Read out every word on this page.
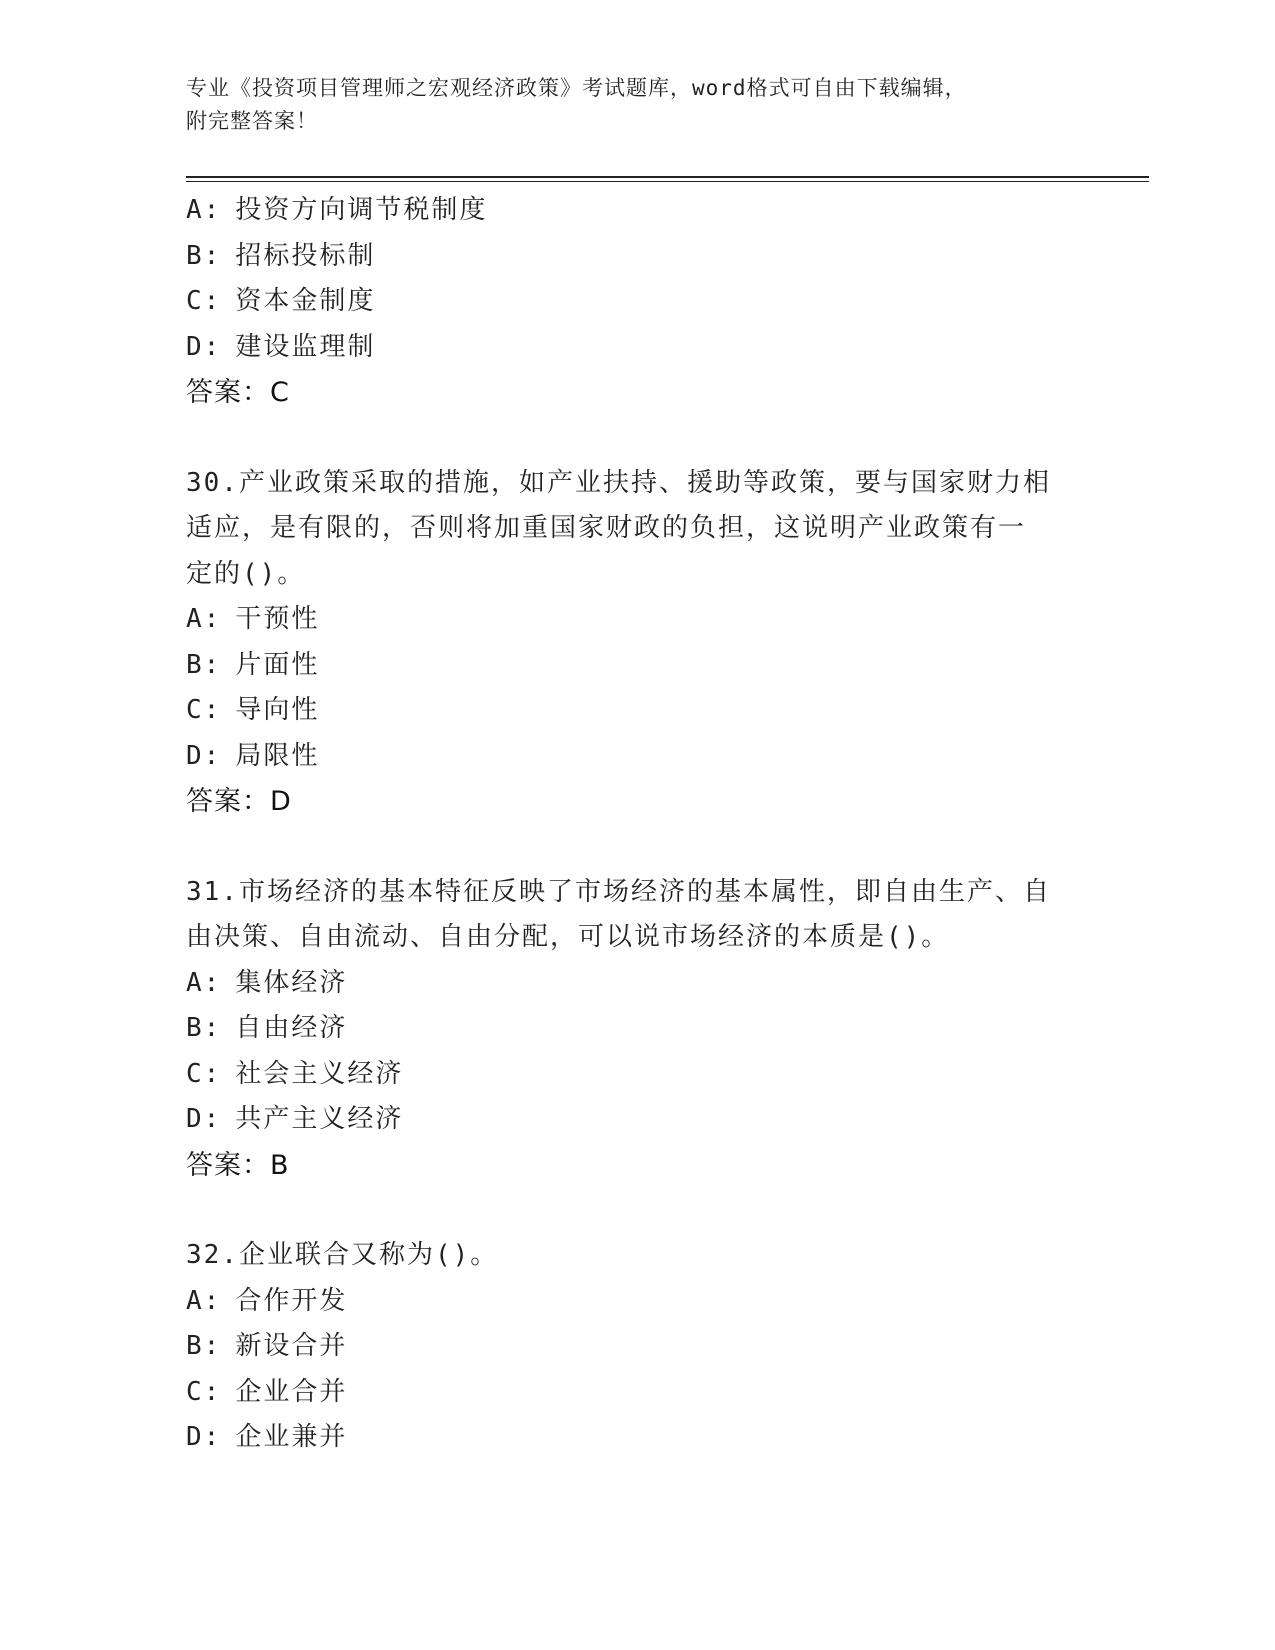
专业《投资项目管理师之宏观经济政策》考试题库，word格式可自由下载编辑，
附完整答案！
A: 投资方向调节税制度
B: 招标投标制
C: 资本金制度
D: 建设监理制
答案：C
30.产业政策采取的措施，如产业扶持、援助等政策，要与国家财力相
适应，是有限的，否则将加重国家财政的负担，这说明产业政策有一
定的()。
A: 干预性
B: 片面性
C: 导向性
D: 局限性
答案：D
31.市场经济的基本特征反映了市场经济的基本属性，即自由生产、自
由决策、自由流动、自由分配，可以说市场经济的本质是()。
A: 集体经济
B: 自由经济
C: 社会主义经济
D: 共产主义经济
答案：B
32.企业联合又称为()。
A: 合作开发
B: 新设合并
C: 企业合并
D: 企业兼并
